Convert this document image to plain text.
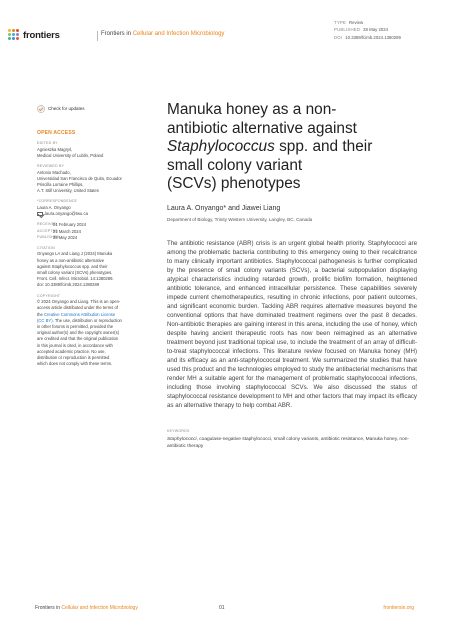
frontiers	Frontiers in Cellular and Infection Microbiology
TYPE Review
PUBLISHED 28 May 2024
DOI 10.3389/fcimb.2024.1380289
Check for updates
OPEN ACCESS
EDITED BY
Agnieszka Magryś,
Medical University of Lublin, Poland
REVIEWED BY
Antonio Machado,
Universidad San Francisco de Quito, Ecuador
Priscilla Lorraine Phillips,
A.T. Still University, United States
*CORRESPONDENCE
Laura A. Onyango
laura.onyango@twu.ca
RECEIVED
01 February 2024
ACCEPTED
21 March 2024
PUBLISHED
28 May 2024
CITATION
Onyango LA and Liang J (2024) Manuka
honey as a non-antibiotic alternative
against Staphylococcus spp. and their
small colony variant (SCVs) phenotypes.
Front. Cell. Infect. Microbiol. 14:1380289.
doi: 10.3389/fcimb.2024.1380289
COPYRIGHT
© 2024 Onyango and Liang. This is an open-
access article distributed under the terms of
the Creative Commons Attribution License
(CC BY). The use, distribution or reproduction
in other forums is permitted, provided the
original author(s) and the copyright owner(s)
are credited and that the original publication
in this journal is cited, in accordance with
accepted academic practice. No use,
distribution or reproduction is permitted
which does not comply with these terms.
Manuka honey as a non-
antibiotic alternative against
Staphylococcus spp. and their
small colony variant
(SCVs) phenotypes
Laura A. Onyango* and Jiawei Liang
Department of Biology, Trinity Western University, Langley, BC, Canada
The antibiotic resistance (ABR) crisis is an urgent global health priority. Staphylococci are among the problematic bacteria contributing to this emergency owing to their recalcitrance to many clinically important antibiotics. Staphylococcal pathogenesis is further complicated by the presence of small colony variants (SCVs), a bacterial subpopulation displaying atypical characteristics including retarded growth, prolific biofilm formation, heightened antibiotic tolerance, and enhanced intracellular persistence. These capabilities severely impede current chemotherapeutics, resulting in chronic infections, poor patient outcomes, and significant economic burden. Tackling ABR requires alternative measures beyond the conventional options that have dominated treatment regimens over the past 8 decades. Non-antibiotic therapies are gaining interest in this arena, including the use of honey, which despite having ancient therapeutic roots has now been reimagined as an alternative treatment beyond just traditional topical use, to include the treatment of an array of difficult-to-treat staphylococcal infections. This literature review focused on Manuka honey (MH) and its efficacy as an anti-staphylococcal treatment. We summarized the studies that have used this product and the technologies employed to study the antibacterial mechanisms that render MH a suitable agent for the management of problematic staphylococcal infections, including those involving staphylococcal SCVs. We also discussed the status of staphylococcal resistance development to MH and other factors that may impact its efficacy as an alternative therapy to help combat ABR.
KEYWORDS
Staphylococci, coagulase-negative staphylococci, small colony variants, antibiotic resistance, Manuka honey, non-antibiotic therapy
Frontiers in Cellular and Infection Microbiology	01	frontiersin.org
